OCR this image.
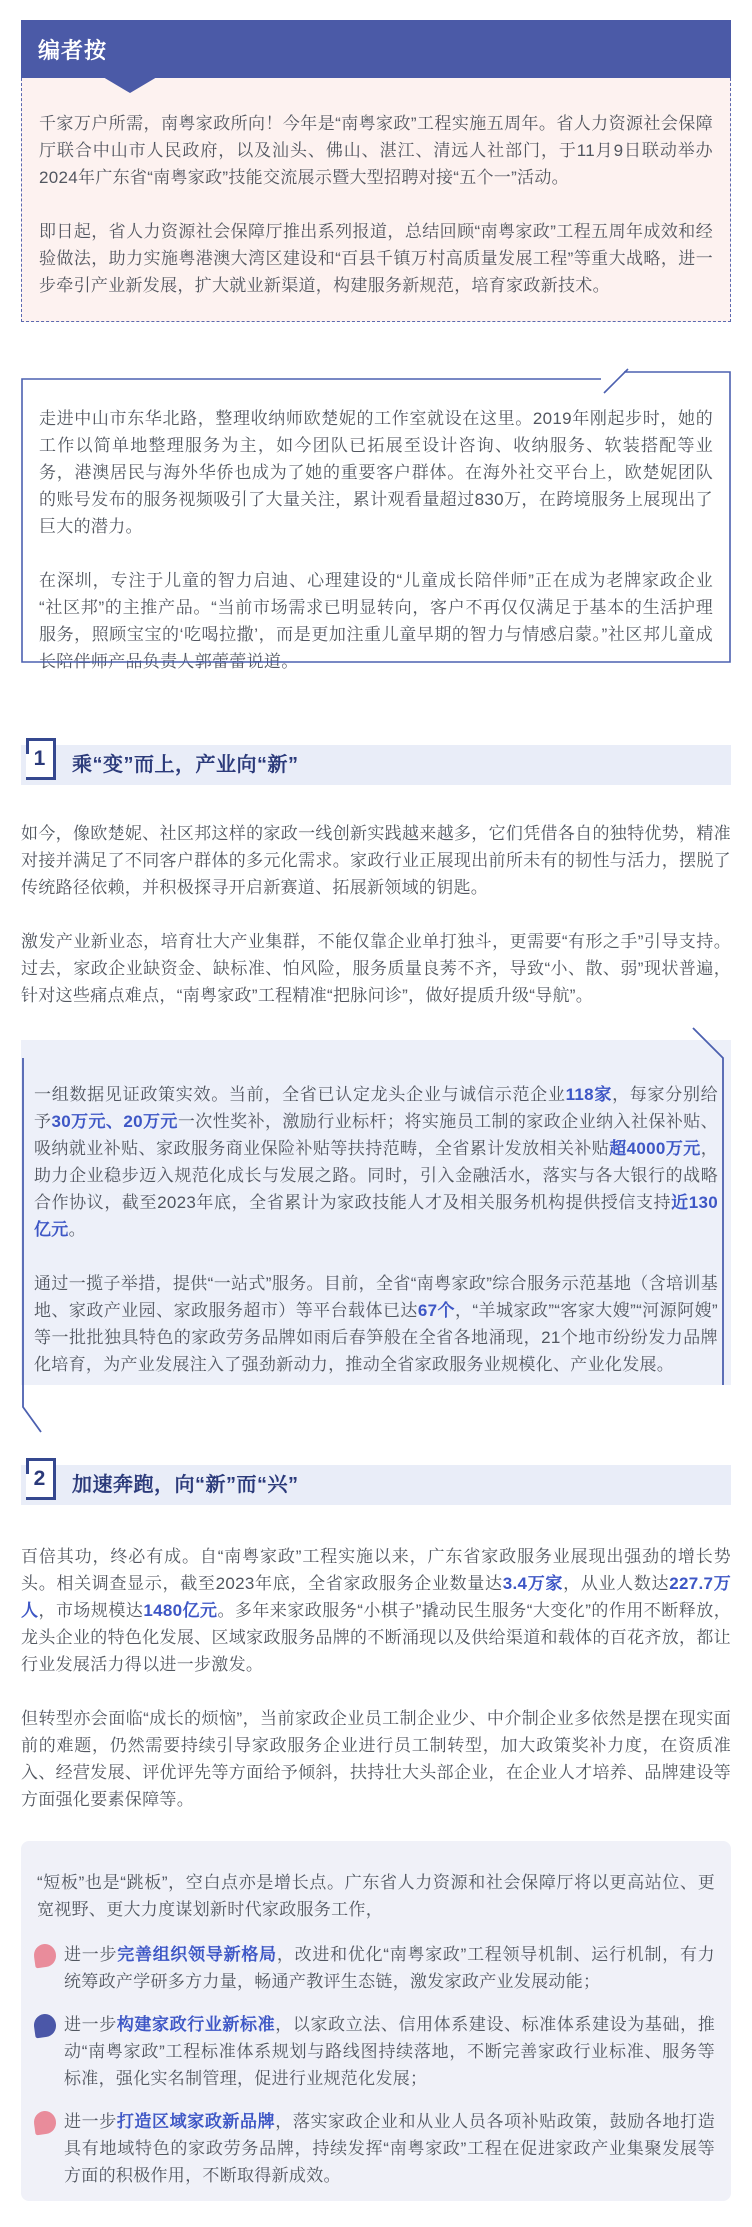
编者按

千家万户所需，南粤家政所向！今年是“南粤家政”工程实施五周年。省人力资源社会保障厅联合中山市人民政府，以及汕头、佛山、湛江、清远人社部门，于11月9日联动举办2024年广东省“南粤家政”技能交流展示暨大型招聘对接“五个一”活动。

即日起，省人力资源社会保障厅推出系列报道，总结回顾“南粤家政”工程五周年成效和经验做法，助力实施粤港澳大湾区建设和“百县千镇万村高质量发展工程”等重大战略，进一步牵引产业新发展，扩大就业新渠道，构建服务新规范，培育家政新技术。

走进中山市东华北路，整理收纳师欧楚妮的工作室就设在这里。2019年刚起步时，她的工作以简单地整理服务为主，如今团队已拓展至设计咨询、收纳服务、软装搭配等业务，港澳居民与海外华侨也成为了她的重要客户群体。在海外社交平台上，欧楚妮团队的账号发布的服务视频吸引了大量关注，累计观看量超过830万，在跨境服务上展现出了巨大的潜力。

在深圳，专注于儿童的智力启迪、心理建设的“儿童成长陪伴师”正在成为老牌家政企业“社区邦”的主推产品。“当前市场需求已明显转向，客户不再仅仅满足于基本的生活护理服务，照顾宝宝的‘吃喝拉撒’，而是更加注重儿童早期的智力与情感启蒙。”社区邦儿童成长陪伴师产品负责人郭蕾蕾说道。

1	乘“变”而上，产业向“新”

如今，像欧楚妮、社区邦这样的家政一线创新实践越来越多，它们凭借各自的独特优势，精准对接并满足了不同客户群体的多元化需求。家政行业正展现出前所未有的韧性与活力，摆脱了传统路径依赖，并积极探寻开启新赛道、拓展新领域的钥匙。

激发产业新业态，培育壮大产业集群，不能仅靠企业单打独斗，更需要“有形之手”引导支持。过去，家政企业缺资金、缺标准、怕风险，服务质量良莠不齐，导致“小、散、弱”现状普遍，针对这些痛点难点，“南粤家政”工程精准“把脉问诊”，做好提质升级“导航”。

一组数据见证政策实效。当前，全省已认定龙头企业与诚信示范企业118家，每家分别给予30万元、20万元一次性奖补，激励行业标杆；将实施员工制的家政企业纳入社保补贴、吸纳就业补贴、家政服务商业保险补贴等扶持范畴，全省累计发放相关补贴超4000万元，助力企业稳步迈入规范化成长与发展之路。同时，引入金融活水，落实与各大银行的战略合作协议，截至2023年底，全省累计为家政技能人才及相关服务机构提供授信支持近130亿元。

通过一揽子举措，提供“一站式”服务。目前，全省“南粤家政”综合服务示范基地（含培训基地、家政产业园、家政服务超市）等平台载体已达67个，“羊城家政”“客家大嫂”“河源阿嫂”等一批批独具特色的家政劳务品牌如雨后春笋般在全省各地涌现，21个地市纷纷发力品牌化培育，为产业发展注入了强劲新动力，推动全省家政服务业规模化、产业化发展。

2	加速奔跑，向“新”而“兴”

百倍其功，终必有成。自“南粤家政”工程实施以来，广东省家政服务业展现出强劲的增长势头。相关调查显示，截至2023年底，全省家政服务企业数量达3.4万家，从业人数达227.7万人，市场规模达1480亿元。多年来家政服务“小棋子”撬动民生服务“大变化”的作用不断释放，龙头企业的特色化发展、区域家政服务品牌的不断涌现以及供给渠道和载体的百花齐放，都让行业发展活力得以进一步激发。

但转型亦会面临“成长的烦恼”，当前家政企业员工制企业少、中介制企业多依然是摆在现实面前的难题，仍然需要持续引导家政服务企业进行员工制转型，加大政策奖补力度，在资质准入、经营发展、评优评先等方面给予倾斜，扶持壮大头部企业，在企业人才培养、品牌建设等方面强化要素保障等。

“短板”也是“跳板”，空白点亦是增长点。广东省人力资源和社会保障厅将以更高站位、更宽视野、更大力度谋划新时代家政服务工作，

进一步完善组织领导新格局，改进和优化“南粤家政”工程领导机制、运行机制，有力统筹政产学研多方力量，畅通产教评生态链，激发家政产业发展动能；

进一步构建家政行业新标准，以家政立法、信用体系建设、标准体系建设为基础，推动“南粤家政”工程标准体系规划与路线图持续落地，不断完善家政行业标准、服务等标准，强化实名制管理，促进行业规范化发展；

进一步打造区域家政新品牌，落实家政企业和从业人员各项补贴政策，鼓励各地打造具有地域特色的家政劳务品牌，持续发挥“南粤家政”工程在促进家政产业集聚发展等方面的积极作用，不断取得新成效。
